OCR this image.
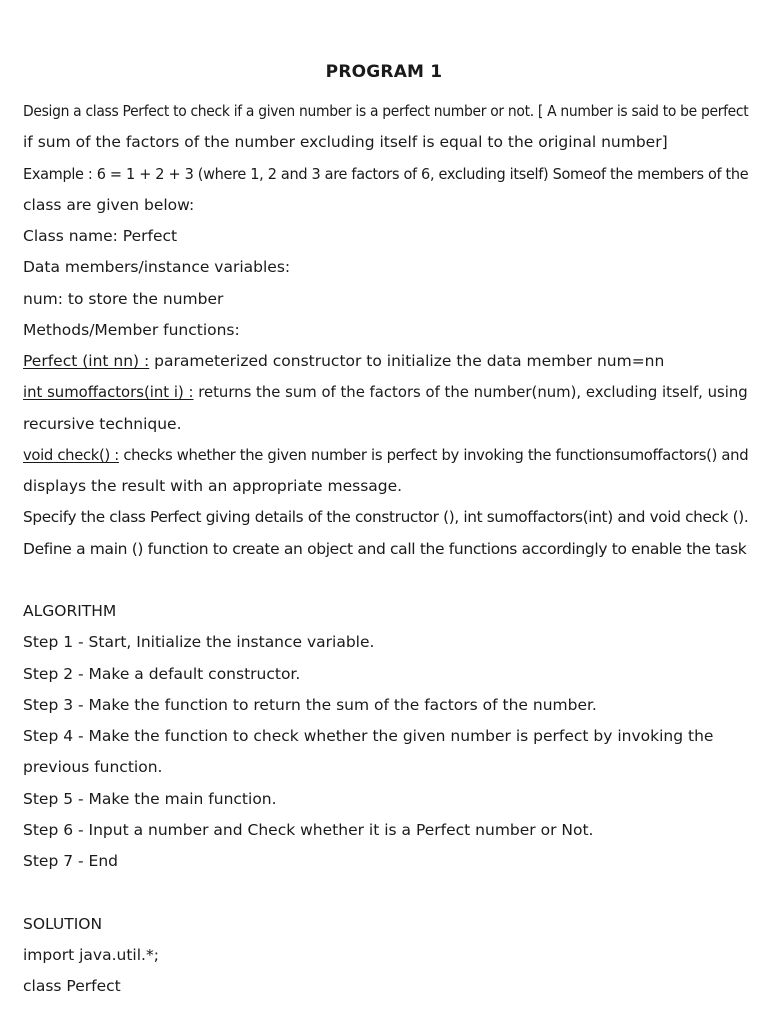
PROGRAM 1
Design a class Perfect to check if a given number is a perfect number or not. [ A number is said to be perfect
if sum of the factors of the number excluding itself is equal to the original number]
Example : 6 = 1 + 2 + 3 (where 1, 2 and 3 are factors of 6, excluding itself) Someof the members of the
class are given below:
Class name: Perfect
Data members/instance variables:
num: to store the number
Methods/Member functions:
Perfect (int nn) : parameterized constructor to initialize the data member num=nn
int sumoffactors(int i) : returns the sum of the factors of the number(num), excluding itself, using
recursive technique.
void check() : checks whether the given number is perfect by invoking the functionsumoffactors() and
displays the result with an appropriate message.
Specify the class Perfect giving details of the constructor (), int sumoffactors(int) and void check ().
Define a main () function to create an object and call the functions accordingly to enable the task
ALGORITHM
Step 1 - Start, Initialize the instance variable.
Step 2 - Make a default constructor.
Step 3 - Make the function to return the sum of the factors of the number.
Step 4 - Make the function to check whether the given number is perfect by invoking the
previous function.
Step 5 - Make the main function.
Step 6 - Input a number and Check whether it is a Perfect number or Not.
Step 7 - End
SOLUTION
import java.util.*;
class Perfect
